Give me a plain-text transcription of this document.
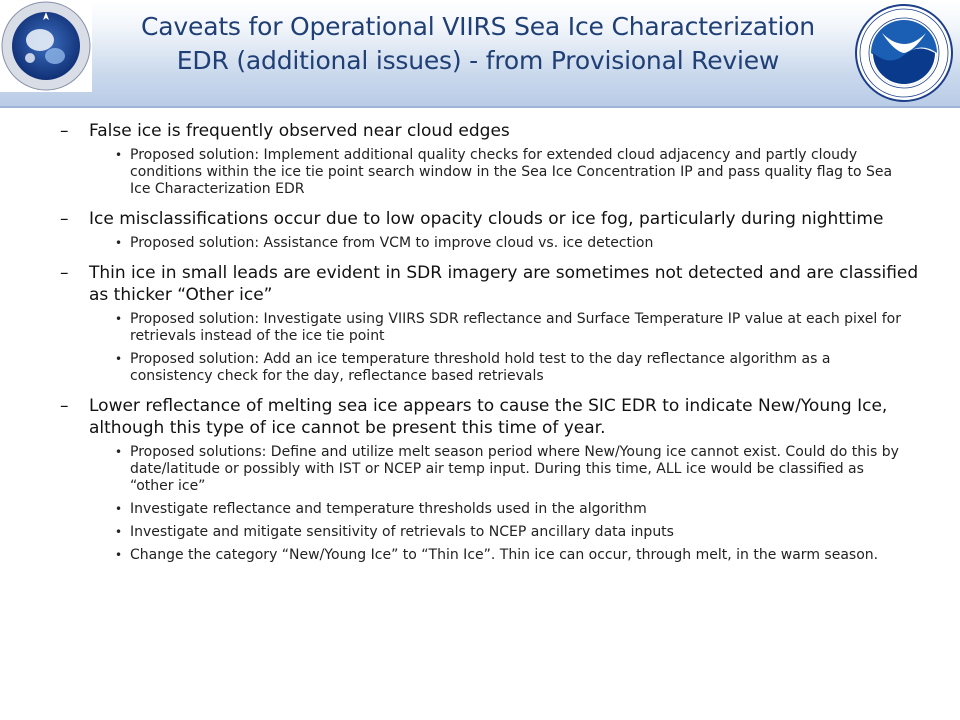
Caveats for Operational VIIRS Sea Ice Characterization
EDR (additional issues) - from Provisional Review
– False ice is frequently observed near cloud edges
• Proposed solution: Implement additional quality checks for extended cloud adjacency and partly cloudy conditions within the ice tie point search window in the Sea Ice Concentration IP and pass quality flag to Sea Ice Characterization EDR
– Ice misclassifications occur due to low opacity clouds or ice fog, particularly during nighttime
• Proposed solution: Assistance from VCM to improve cloud vs. ice detection
– Thin ice in small leads are evident in SDR imagery are sometimes not detected and are classified as thicker “Other ice”
• Proposed solution: Investigate using VIIRS SDR reflectance and Surface Temperature IP value at each pixel for retrievals instead of the ice tie point
• Proposed solution: Add an ice temperature threshold hold test to the day reflectance algorithm as a consistency check for the day, reflectance based retrievals
– Lower reflectance of melting sea ice appears to cause the SIC EDR to indicate New/Young Ice, although this type of ice cannot be present this time of year.
• Proposed solutions: Define and utilize melt season period where New/Young ice cannot exist. Could do this by date/latitude or possibly with IST or NCEP air temp input. During this time, ALL ice would be classified as “other ice”
• Investigate reflectance and temperature thresholds used in the algorithm
• Investigate and mitigate sensitivity of retrievals to NCEP ancillary data inputs
• Change the category “New/Young Ice” to “Thin Ice”. Thin ice can occur, through melt, in the warm season.
